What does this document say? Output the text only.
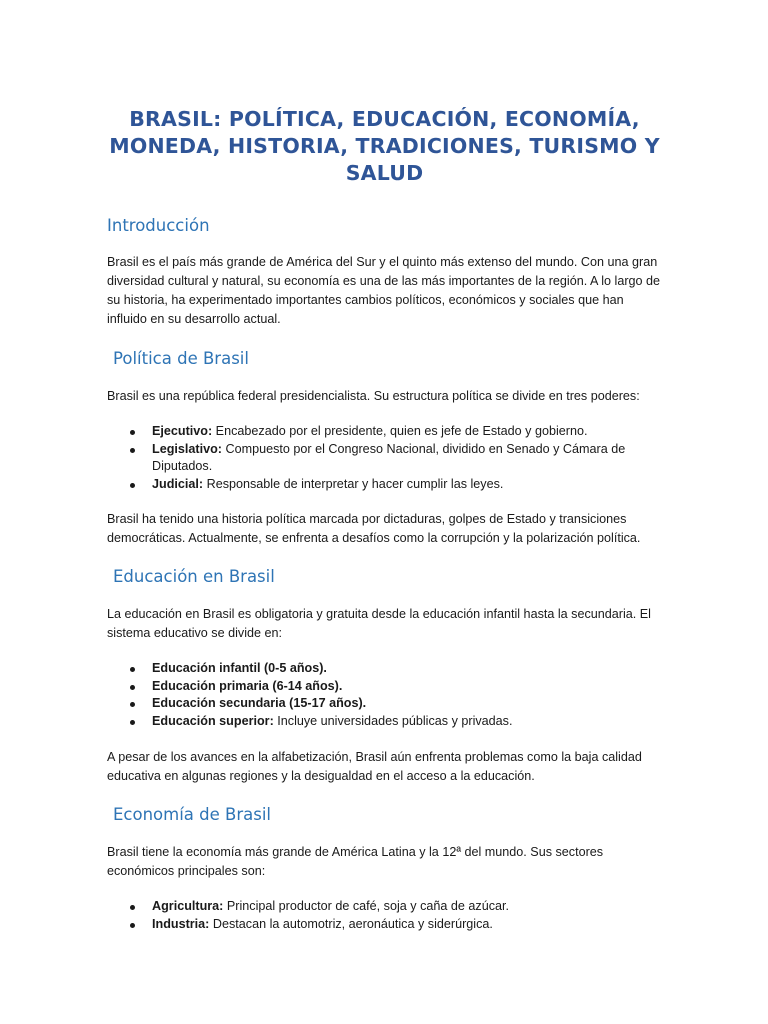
BRASIL: POLÍTICA, EDUCACIÓN, ECONOMÍA,
MONEDA, HISTORIA, TRADICIONES, TURISMO Y
SALUD
Introducción

Brasil es el país más grande de América del Sur y el quinto más extenso del mundo. Con una gran diversidad cultural y natural, su economía es una de las más importantes de la región. A lo largo de su historia, ha experimentado importantes cambios políticos, económicos y sociales que han influido en su desarrollo actual.

Política de Brasil

Brasil es una república federal presidencialista. Su estructura política se divide en tres poderes:

Ejecutivo: Encabezado por el presidente, quien es jefe de Estado y gobierno.
Legislativo: Compuesto por el Congreso Nacional, dividido en Senado y Cámara de Diputados.
Judicial: Responsable de interpretar y hacer cumplir las leyes.

Brasil ha tenido una historia política marcada por dictaduras, golpes de Estado y transiciones democráticas. Actualmente, se enfrenta a desafíos como la corrupción y la polarización política.

Educación en Brasil

La educación en Brasil es obligatoria y gratuita desde la educación infantil hasta la secundaria. El sistema educativo se divide en:

Educación infantil (0-5 años).
Educación primaria (6-14 años).
Educación secundaria (15-17 años).
Educación superior: Incluye universidades públicas y privadas.

A pesar de los avances en la alfabetización, Brasil aún enfrenta problemas como la baja calidad educativa en algunas regiones y la desigualdad en el acceso a la educación.

Economía de Brasil

Brasil tiene la economía más grande de América Latina y la 12ª del mundo. Sus sectores económicos principales son:

Agricultura: Principal productor de café, soja y caña de azúcar.
Industria: Destacan la automotriz, aeronáutica y siderúrgica.
